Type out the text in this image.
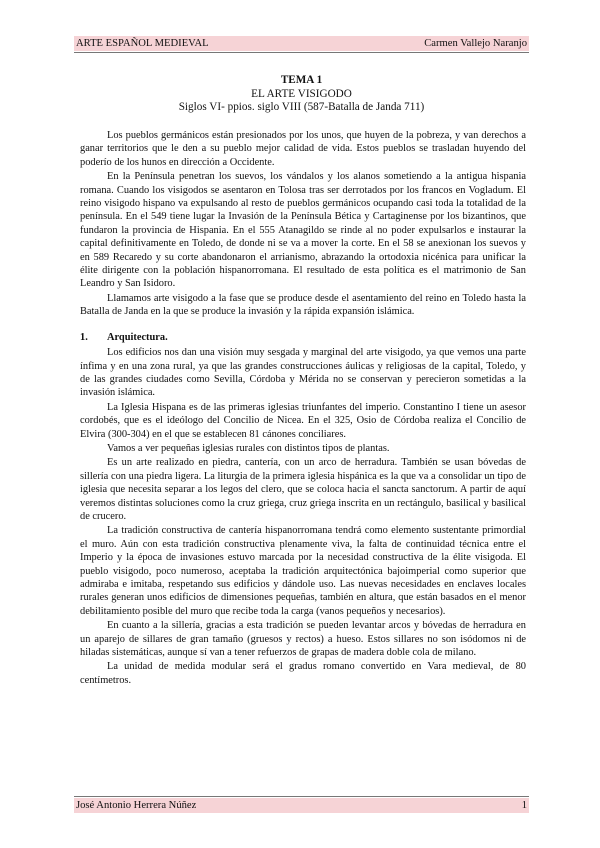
ARTE ESPAÑOL MEDIEVAL	Carmen Vallejo Naranjo
TEMA 1
EL ARTE VISIGODO
Siglos VI- ppios. siglo VIII (587-Batalla de Janda 711)

Los pueblos germánicos están presionados por los unos, que huyen de la pobreza, y van derechos a ganar territorios que le den a su pueblo mejor calidad de vida. Estos pueblos se trasladan huyendo del poderío de los hunos en dirección a Occidente.

En la Península penetran los suevos, los vándalos y los alanos sometiendo a la antigua hispania romana. Cuando los visigodos se asentaron en Tolosa tras ser derrotados por los francos en Vogladum. El reino visigodo hispano va expulsando al resto de pueblos germánicos ocupando casi toda la totalidad de la península. En el 549 tiene lugar la Invasión de la Península Bética y Cartaginense por los bizantinos, que fundaron la provincia de Hispania. En el 555 Atanagildo se rinde al no poder expulsarlos e instaurar la capital definitivamente en Toledo, de donde ni se va a mover la corte. En el 58 se anexionan los suevos y en 589 Recaredo y su corte abandonaron el arrianismo, abrazando la ortodoxia nicénica para unificar la élite dirigente con la población hispanorromana. El resultado de esta política es el matrimonio de San Leandro y San Isidoro.

Llamamos arte visigodo a la fase que se produce desde el asentamiento del reino en Toledo hasta la Batalla de Janda en la que se produce la invasión y la rápida expansión islámica.

1.	Arquitectura.

Los edificios nos dan una visión muy sesgada y marginal del arte visigodo, ya que vemos una parte ínfima y en una zona rural, ya que las grandes construcciones áulicas y religiosas de la capital, Toledo, y de las grandes ciudades como Sevilla, Córdoba y Mérida no se conservan y perecieron sometidas a la invasión islámica.

La Iglesia Hispana es de las primeras iglesias triunfantes del imperio. Constantino I tiene un asesor cordobés, que es el ideólogo del Concilio de Nicea. En el 325, Osio de Córdoba realiza el Concilio de Elvira (300-304) en el que se establecen 81 cánones conciliares.

Vamos a ver pequeñas iglesias rurales con distintos tipos de plantas.

Es un arte realizado en piedra, cantería, con un arco de herradura. También se usan bóvedas de sillería con una piedra ligera. La liturgia de la primera iglesia hispánica es la que va a consolidar un tipo de iglesia que necesita separar a los legos del clero, que se coloca hacia el sancta sanctorum. A partir de aquí veremos distintas soluciones como la cruz griega, cruz griega inscrita en un rectángulo, basilical y basilical de crucero.

La tradición constructiva de cantería hispanorromana tendrá como elemento sustentante primordial el muro. Aún con esta tradición constructiva plenamente viva, la falta de continuidad técnica entre el Imperio y la época de invasiones estuvo marcada por la necesidad constructiva de la élite visigoda. El pueblo visigodo, poco numeroso, aceptaba la tradición arquitectónica bajoimperial como superior que admiraba e imitaba, respetando sus edificios y dándole uso. Las nuevas necesidades en enclaves locales rurales generan unos edificios de dimensiones pequeñas, también en altura, que están basados en el menor debilitamiento posible del muro que recibe toda la carga (vanos pequeños y necesarios).

En cuanto a la sillería, gracias a esta tradición se pueden levantar arcos y bóvedas de herradura en un aparejo de sillares de gran tamaño (gruesos y rectos) a hueso. Estos sillares no son isódomos ni de hiladas sistemáticas, aunque sí van a tener refuerzos de grapas de madera doble cola de milano.

La unidad de medida modular será el gradus romano convertido en Vara medieval, de 80 centímetros.

José Antonio Herrera Núñez	1
